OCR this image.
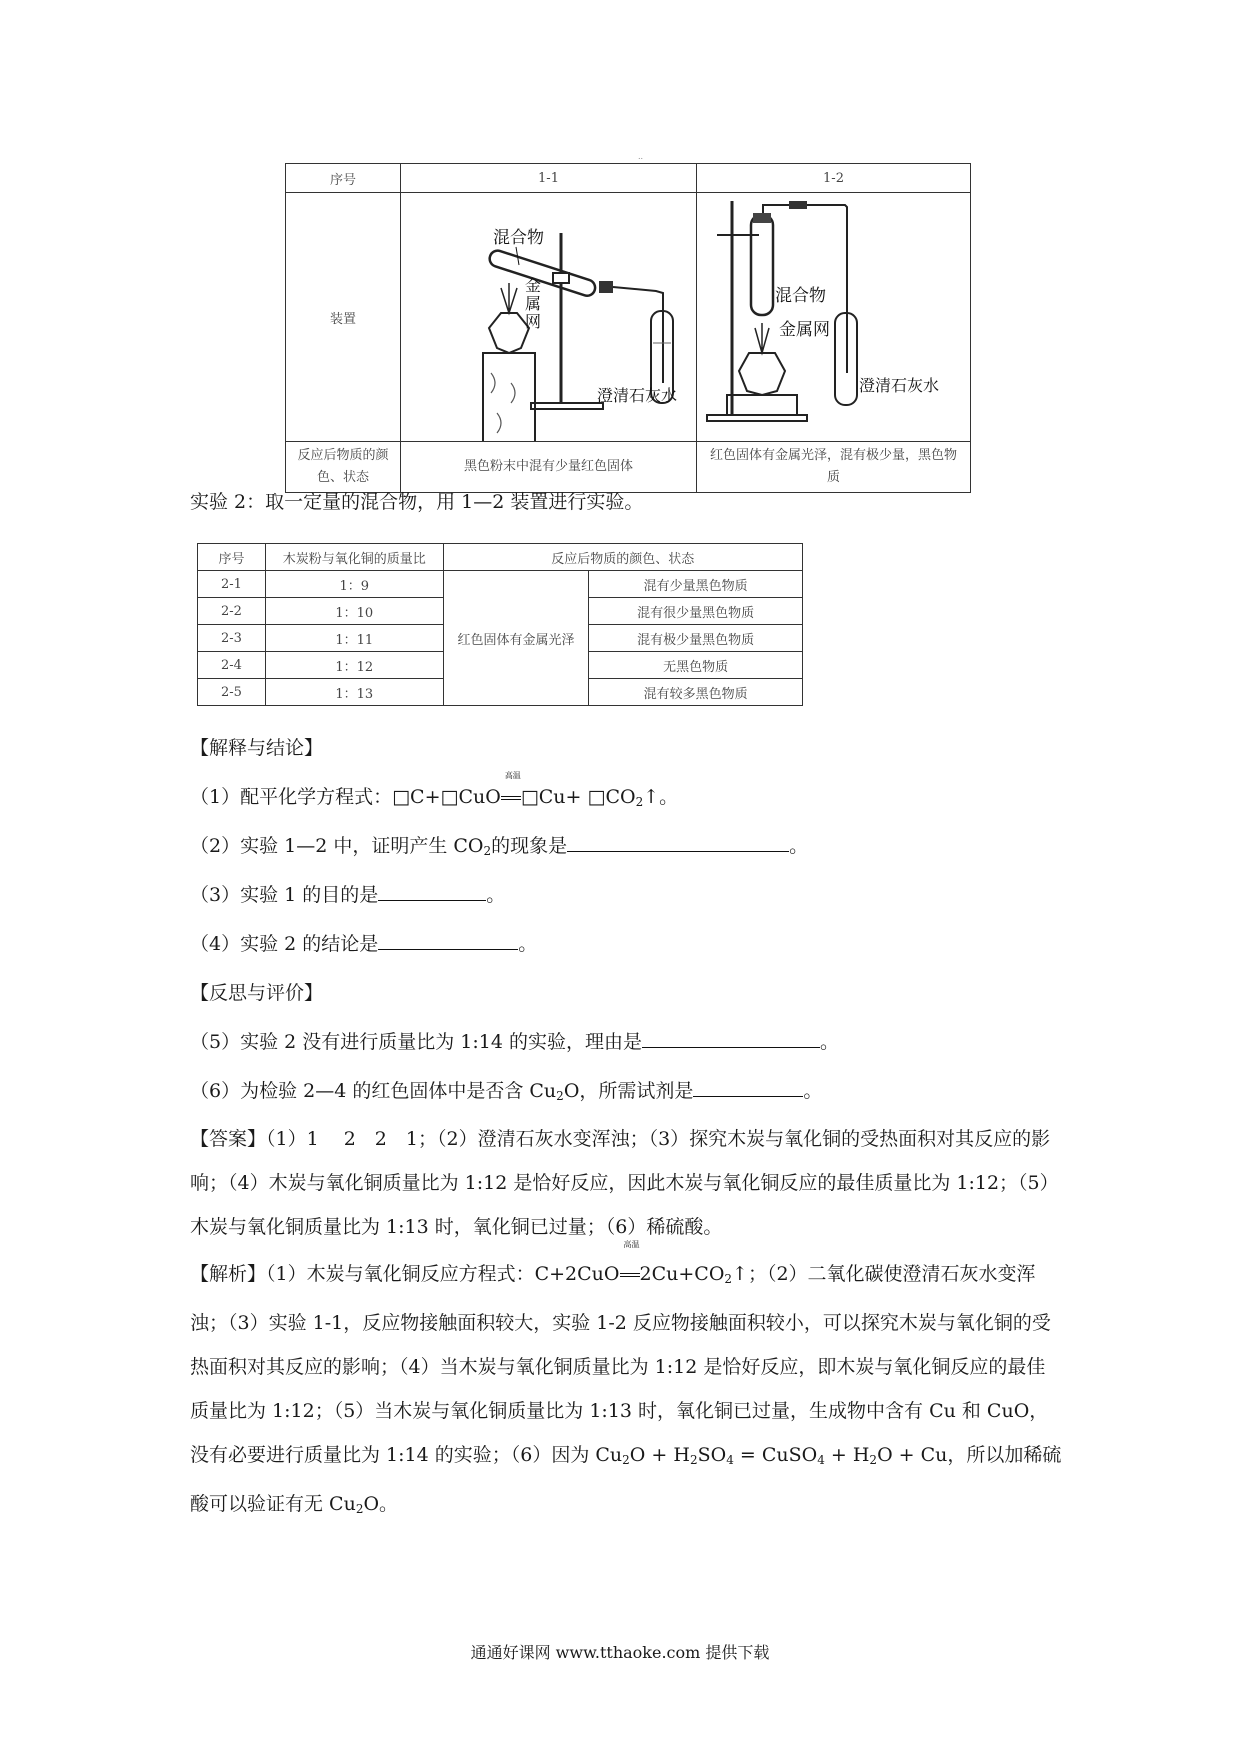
..
序号	1-1	1-2
装置	混合物
金
属
网
澄清石灰水	混合物
金属网
澄清石灰水

反应后物质的颜色、状态	黑色粉末中混有少量红色固体	红色固体有金属光泽，混有极少量，黑色物质
实验 2：取一定量的混合物，用 1—2 装置进行实验。
序号	木炭粉与氧化铜的质量比	反应后物质的颜色、状态	
2-1	1：9	红色固体有金属光泽	混有少量黑色物质
2-2	1：10		混有很少量黑色物质
2-3	1：11		混有极少量黑色物质
2-4	1：12		无黑色物质
2-5	1：13		混有较多黑色物质
【解释与结论】
（1）配平化学方程式：□C+□CuO
高温
□Cu+ $□CO_2↑$。
（2）实验 1—2 中，证明产生 $CO_2$的现象是	。
（3）实验 1 的目的是	。
（4）实验 2 的结论是	。
【反思与评价】
（5）实验 2 没有进行质量比为 1:14 的实验，理由是	。
（6）为检验 2—4 的红色固体中是否含 $Cu_2O$，所需试剂是	。
【答案】（1）1　 2　2　1；（2）澄清石灰水变浑浊；（3）探究木炭与氧化铜的受热面积对其反应的影响；（4）木炭与氧化铜质量比为 1:12 是恰好反应，因此木炭与氧化铜反应的最佳质量比为 1:12；（5）木炭与氧化铜质量比为 1:13 时，氧化铜已过量；（6）稀硫酸。
【解析】（1）木炭与氧化铜反应方程式：C+2CuO
高温
$2Cu+CO_2↑$；（2）二氧化碳使澄清石灰水变浑浊；（3）实验 1-1，反应物接触面积较大，实验 1-2 反应物接触面积较小，可以探究木炭与氧化铜的受热面积对其反应的影响；（4）当木炭与氧化铜质量比为 1:12 是恰好反应，即木炭与氧化铜反应的最佳质量比为 1:12；（5）当木炭与氧化铜质量比为 1:13 时，氧化铜已过量，生成物中含有 Cu 和 CuO，没有必要进行质量比为 1:14 的实验；（6）因为 $Cu_2O + H_2SO_4$ = CuSO$_4$ + $H_2O + Cu$，所以加稀硫酸可以验证有无 $Cu_2O$。
通通好课网 www.tthaoke.com 提供下载
